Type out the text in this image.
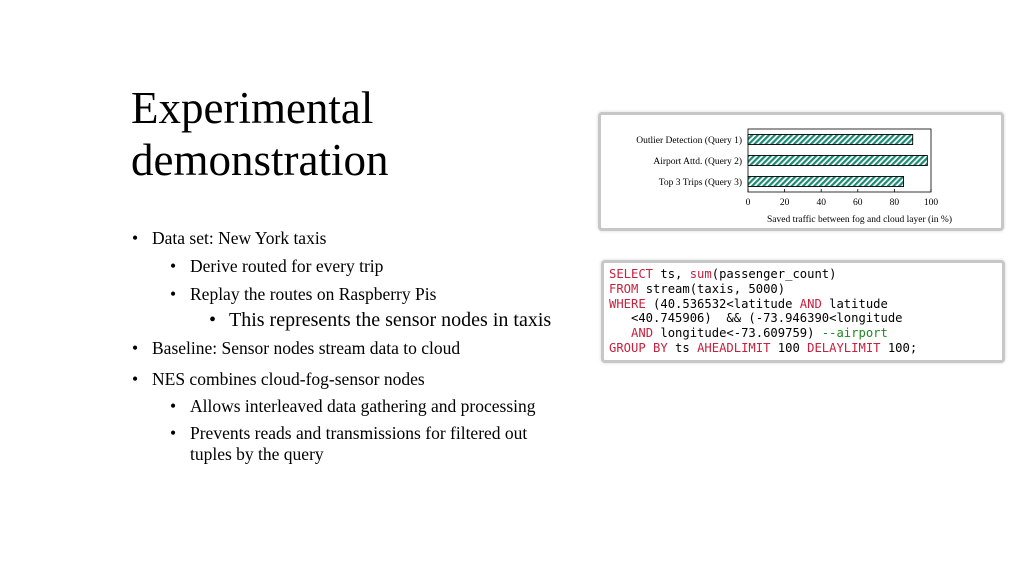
Experimental
demonstration
• Data set: New York taxis
• Derive routed for every trip
• Replay the routes on Raspberry Pis
• This represents the sensor nodes in taxis
• Baseline: Sensor nodes stream data to cloud
• NES combines cloud-fog-sensor nodes
• Allows interleaved data gathering and processing
• Prevents reads and transmissions for filtered out tuples by the query
Outlier Detection (Query 1)
Airport Attd. (Query 2)
Top 3 Trips (Query 3)
0	20	40	60	80	100
Saved traffic between fog and cloud layer (in %)
SELECT ts, sum(passenger_count)
FROM stream(taxis, 5000)
WHERE (40.536532<latitude AND latitude
<40.745906)  && (-73.946390<longitude
AND longitude<-73.609759) --airport
GROUP BY ts AHEADLIMIT 100 DELAYLIMIT 100;
